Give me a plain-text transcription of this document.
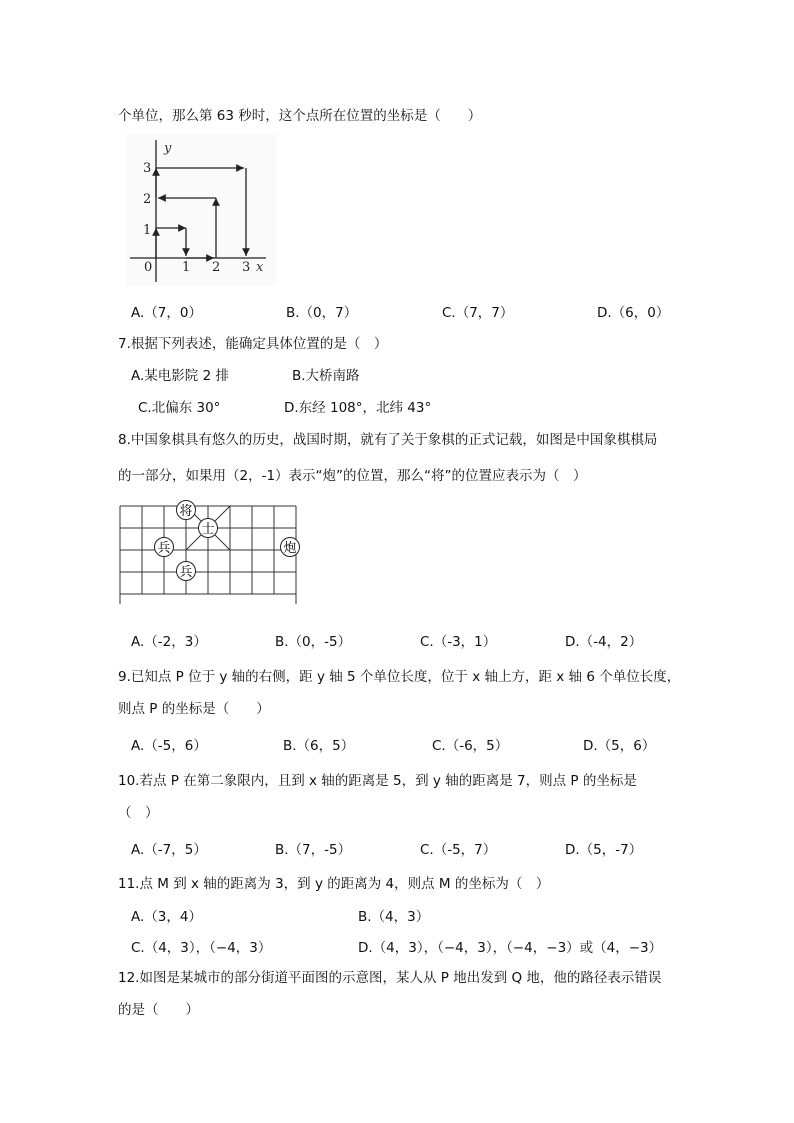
个单位，那么第 63 秒时，这个点所在位置的坐标是（　　）
y
x
0 1 2 3
1
2
3
A.（7，0）	B.（0，7）	C.（7，7）	D.（6，0）
7.根据下列表述，能确定具体位置的是（　）
A.某电影院 2 排	B.大桥南路
C.北偏东 30°	D.东经 108°，北纬 43°
8.中国象棋具有悠久的历史，战国时期，就有了关于象棋的正式记载，如图是中国象棋棋局
的一部分，如果用（2，-1）表示“炮”的位置，那么“将”的位置应表示为（　）
将
士
兵	炮
兵
A.（-2，3）	B.（0，-5）	C.（-3，1）	D.（-4，2）
9.已知点 P 位于 y 轴的右侧，距 y 轴 5 个单位长度，位于 x 轴上方，距 x 轴 6 个单位长度，
则点 P 的坐标是（　　）
A.（-5，6）	B.（6，5）	C.（-6，5）	D.（5，6）
10.若点 P 在第二象限内，且到 x 轴的距离是 5，到 y 轴的距离是 7，则点 P 的坐标是
（　）
A.（-7，5）	B.（7，-5）	C.（-5，7）	D.（5，-7）
11.点 M 到 x 轴的距离为 3，到 y 的距离为 4，则点 M 的坐标为（　）
A.（3，4）	B.（4，3）
C.（4，3），（−4，3）	D.（4，3），（−4，3），（−4，−3）或（4，−3）
12.如图是某城市的部分街道平面图的示意图，某人从 P 地出发到 Q 地，他的路径表示错误
的是（　　）
